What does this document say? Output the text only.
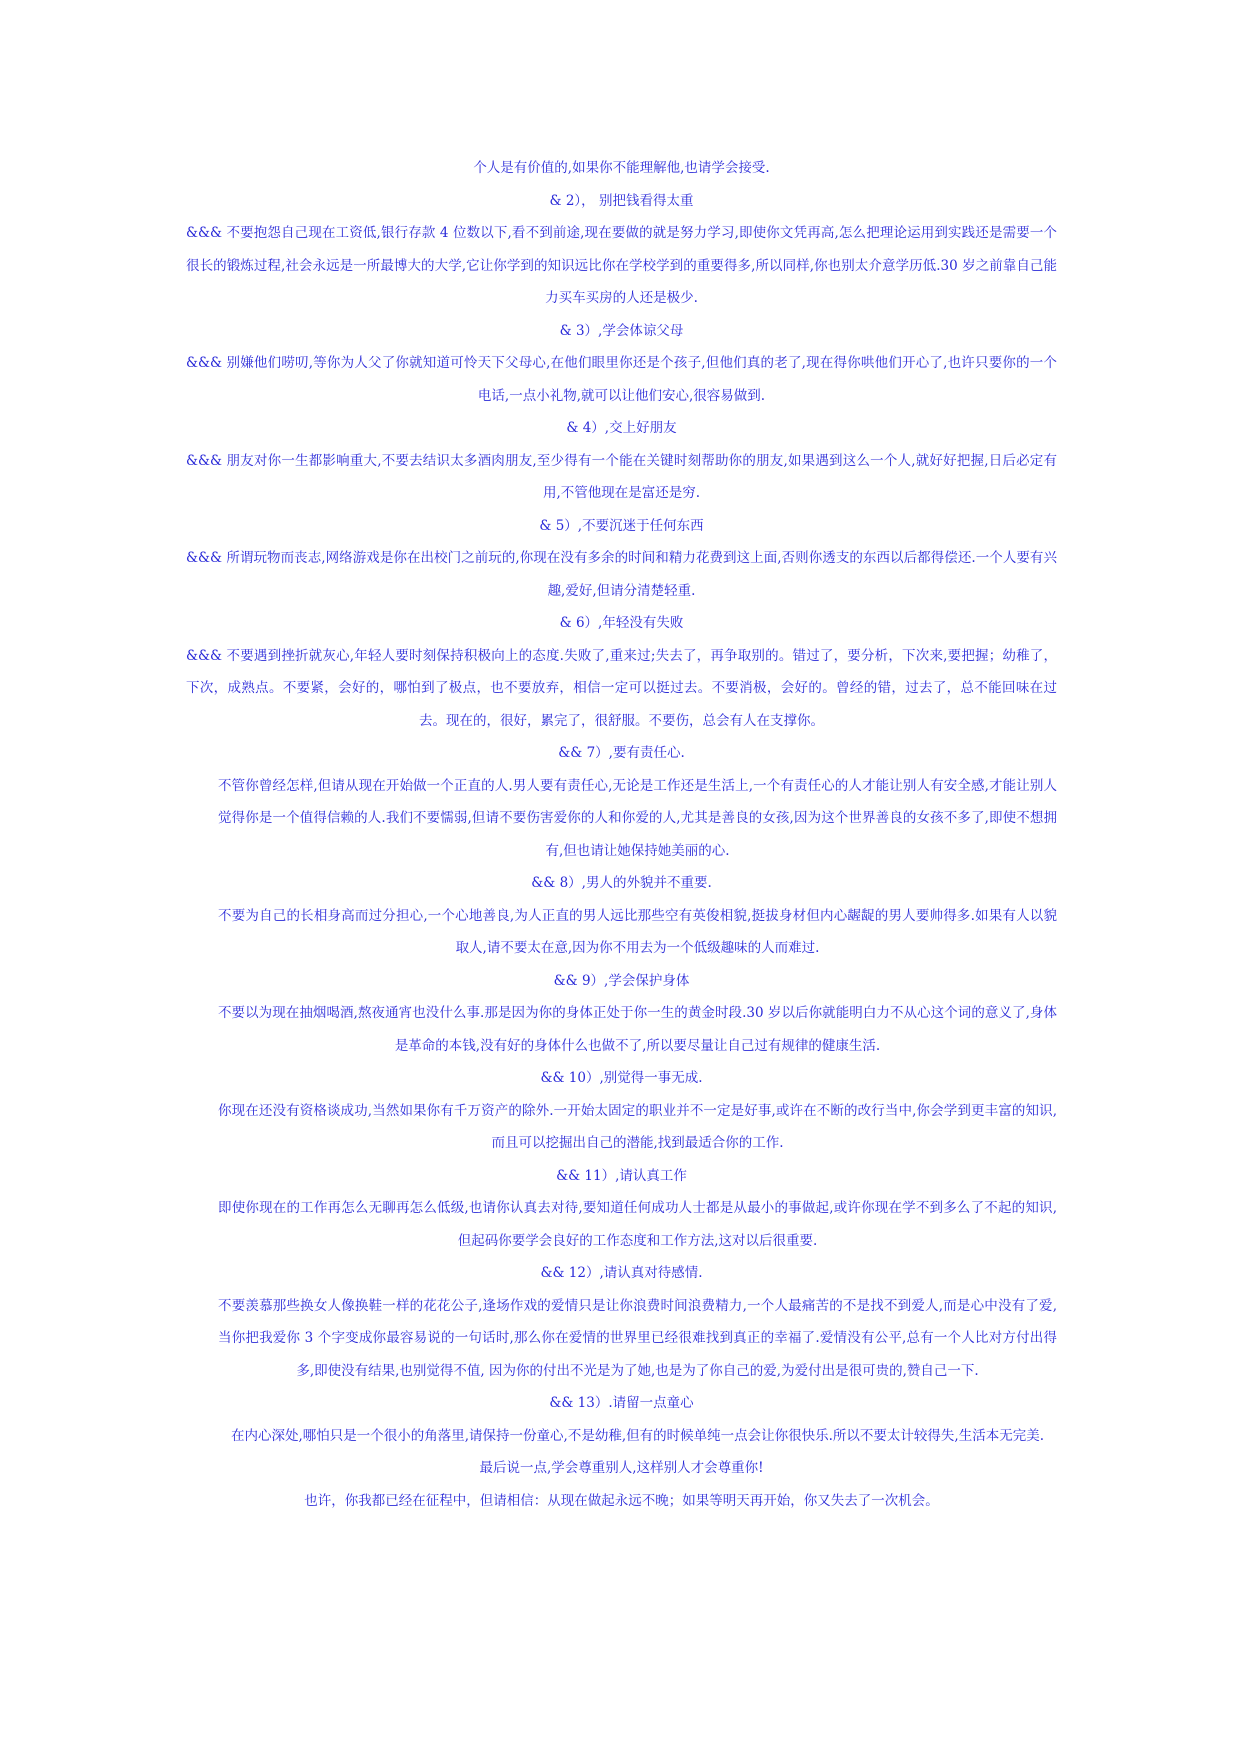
个人是有价值的,如果你不能理解他,也请学会接受.

& 2）， 别把钱看得太重

&&& 不要抱怨自己现在工资低,银行存款 4 位数以下,看不到前途,现在要做的就是努力学习,即使你文凭再高,怎么把理论运用到实践还是需要一个很长的锻炼过程,社会永远是一所最博大的大学,它让你学到的知识远比你在学校学到的重要得多,所以同样,你也别太介意学历低.30 岁之前靠自己能力买车买房的人还是极少.

& 3）,学会体谅父母

&&& 别嫌他们唠叨,等你为人父了你就知道可怜天下父母心,在他们眼里你还是个孩子,但他们真的老了,现在得你哄他们开心了,也许只要你的一个电话,一点小礼物,就可以让他们安心,很容易做到.

& 4）,交上好朋友

&&& 朋友对你一生都影响重大,不要去结识太多酒肉朋友,至少得有一个能在关键时刻帮助你的朋友,如果遇到这么一个人,就好好把握,日后必定有用,不管他现在是富还是穷.

& 5）,不要沉迷于任何东西

&&& 所谓玩物而丧志,网络游戏是你在出校门之前玩的,你现在没有多余的时间和精力花费到这上面,否则你透支的东西以后都得偿还.一个人要有兴趣,爱好,但请分清楚轻重.

& 6）,年轻没有失败

&&& 不要遇到挫折就灰心,年轻人要时刻保持积极向上的态度.失败了,重来过;失去了，再争取别的。错过了，要分析，下次来,要把握；幼稚了，下次，成熟点。不要紧，会好的，哪怕到了极点，也不要放弃，相信一定可以挺过去。不要消极，会好的。曾经的错，过去了，总不能回味在过去。现在的，很好，累完了，很舒服。不要伤，总会有人在支撑你。

&& 7）,要有责任心.

不管你曾经怎样,但请从现在开始做一个正直的人.男人要有责任心,无论是工作还是生活上,一个有责任心的人才能让别人有安全感,才能让别人觉得你是一个值得信赖的人.我们不要懦弱,但请不要伤害爱你的人和你爱的人,尤其是善良的女孩,因为这个世界善良的女孩不多了,即使不想拥有,但也请让她保持她美丽的心.

&& 8）,男人的外貌并不重要.

不要为自己的长相身高而过分担心,一个心地善良,为人正直的男人远比那些空有英俊相貌,挺拔身材但内心龌龊的男人要帅得多.如果有人以貌取人,请不要太在意,因为你不用去为一个低级趣味的人而难过.

&& 9）,学会保护身体

不要以为现在抽烟喝酒,熬夜通宵也没什么事.那是因为你的身体正处于你一生的黄金时段.30 岁以后你就能明白力不从心这个词的意义了,身体是革命的本钱,没有好的身体什么也做不了,所以要尽量让自己过有规律的健康生活.

&& 10）,别觉得一事无成.

你现在还没有资格谈成功,当然如果你有千万资产的除外.一开始太固定的职业并不一定是好事,或许在不断的改行当中,你会学到更丰富的知识,而且可以挖掘出自己的潜能,找到最适合你的工作.

&& 11）,请认真工作

即使你现在的工作再怎么无聊再怎么低级,也请你认真去对待,要知道任何成功人士都是从最小的事做起,或许你现在学不到多么了不起的知识,但起码你要学会良好的工作态度和工作方法,这对以后很重要.

&& 12）,请认真对待感情.

不要羡慕那些换女人像换鞋一样的花花公子,逢场作戏的爱情只是让你浪费时间浪费精力,一个人最痛苦的不是找不到爱人,而是心中没有了爱,当你把我爱你 3 个字变成你最容易说的一句话时,那么你在爱情的世界里已经很难找到真正的幸福了.爱情没有公平,总有一个人比对方付出得多,即使没有结果,也别觉得不值, 因为你的付出不光是为了她,也是为了你自己的爱,为爱付出是很可贵的,赞自己一下.

&& 13）.请留一点童心

在内心深处,哪怕只是一个很小的角落里,请保持一份童心,不是幼稚,但有的时候单纯一点会让你很快乐.所以不要太计较得失,生活本无完美.

最后说一点,学会尊重别人,这样别人才会尊重你!

也许，你我都已经在征程中，但请相信：从现在做起永远不晚；如果等明天再开始，你又失去了一次机会。
